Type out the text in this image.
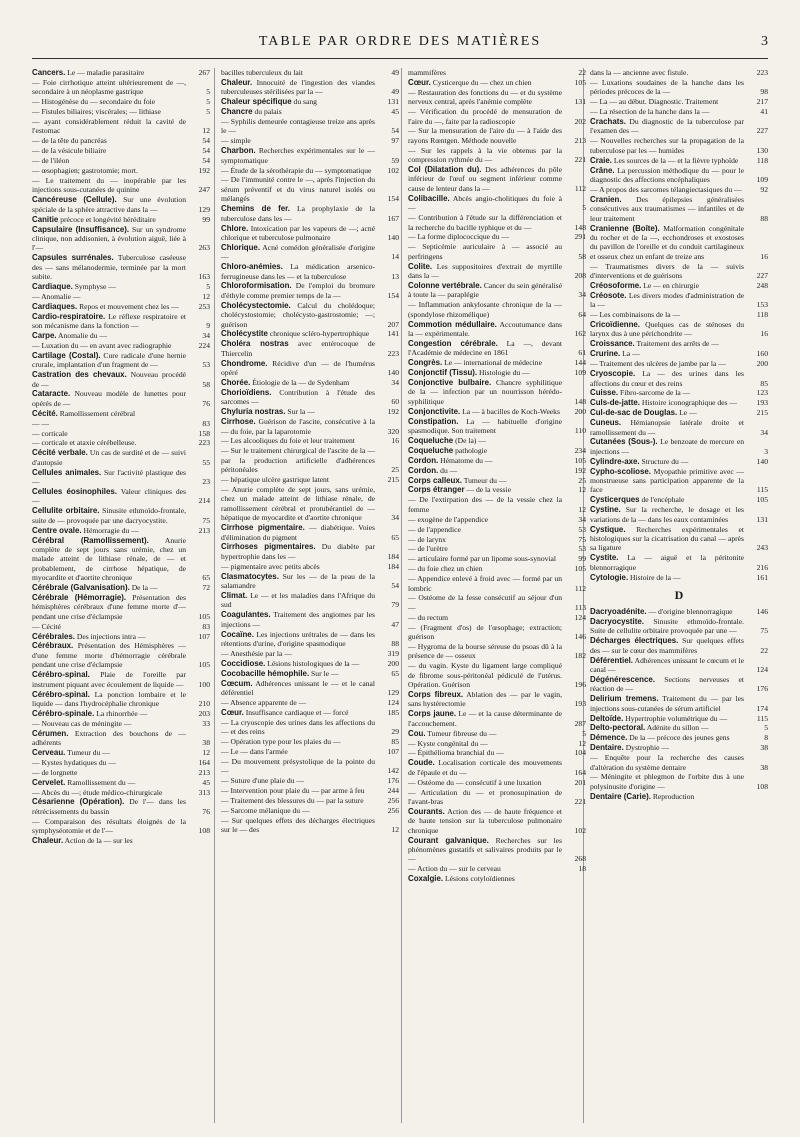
TABLE PAR ORDRE DES MATIÈRES	3
Cancers. Le — maladie parasitaire	267
— Foie cirrhotique atteint ultérieurement de —, secondaire à un néoplasme gastrique	5
— Histogénèse du — secondaire du foie	5
— Fistules biliaires; viscérales; — lithiase	5
— ayant considérablement réduit la cavité de l'estomac	12
— de la tête du pancréas	54
— de la vésicule biliaire	54
— de l'iléon	54
— œsophagien; gastrotomie; mort.	192
— Le traitement du — inopérable par les injections sous-cutanées de quinine	247
Cancéreuse (Cellule). Sur une évolution spéciale de la sphère attractive dans la —	129
Canitie précoce et longévité héréditaire	99
Capsulaire (Insuffisance). Sur un syndrome clinique, non addisonien, à évolution aiguë, liée à l'—	263
Capsules surrénales. Tuberculose caséeuse des — sans mélanodermie, terminée par la mort subite.	163
Cardiaque. Symphyse —	5
— Anomalie —	12
Cardiaques. Repos et mouvement chez les —	253
Cardio-respiratoire. Le réflexe respiratoire et son mécanisme dans la fonction —	9
Carpe. Anomalie du —	34
— Luxation du — en avant avec radiographie	224
Cartilage (Costal). Cure radicale d'une hernie crurale, implantation d'un fragment de —	53
Castration des chevaux. Nouveau procédé de —	58
Cataracte. Nouveau modèle de lunettes pour opérés de —	76
Cécité. Ramollissement cérébral
— —	83
— corticale	158
— corticale et ataxie cérébelleuse.	223
Cécité verbale. Un cas de surdité et de — suivi d'autopsie	55
Cellules animales. Sur l'activité plastique des —	23
Cellules éosinophiles. Valeur cliniques des —	214
Cellulite orbitaire. Sinusite ethmoïdo-frontale, suite de — provoquée par une dacryocystite.	75
Centre ovale. Hémorragie du —	213
Cérébral (Ramollissement). Anurie complète de sept jours sans urémie, chez un malade atteint de lithiase rénale, de — et probablement, de cirrhose hépatique, de myocardite et d'aortite chronique	65
Cérébrale (Galvanisation). De la —	72
Cérébrale (Hémorragie). Présentation des hémisphères cérébraux d'une femme morte d'— pendant une crise d'éclampsie	105
— Cécité	83
Cérébrales. Des injections intra —	107
Cérébraux. Présentation des Hémisphères — d'une femme morte d'hémorragie cérébrale pendant une crise d'éclampsie	105
Cérébro-spinal. Plaie de l'oreille par instrument piquant avec écoulement de liquide — 100
Cérébro-spinal. La ponction lombaire et le liquide — dans l'hydrocéphalie chronique	210
Cérébro-spinale. La rhinorrhée —	203
— Nouveau cas de méningite —	33
Cérumen. Extraction des bouchons de — adhérents	38
Cerveau. Tumeur du —	12
— Kystes hydatiques du —	164
— de lorgnette	213
Cervelet. Ramollissement du —	45
— Abcès du —; étude médico-chirurgicale	313
Césarienne (Opération). De l'— dans les rétrécissements du bassin	76
— Comparaison des résultats éloignés de la symphyséotomie et de l'—	108
Chaleur. Action de la — sur les
bacilles tuberculeux du lait	49
Chaleur. Innocuité de l'ingestion des viandes tuberculeuses stérilisées par la —	49
Chaleur spécifique du sang	131
Chancre du palais	45
— Syphilis demeurée contagieuse treize ans après le —	54
— simple	97
Charbon. Recherches expérimentales sur le — symptomatique	59
— Étude de la sérothérapie du — symptomatique 102
— De l'immunité contre le —, après l'injection du sérum préventif et du virus naturel isolés ou mélangés	154
Chemins de fer. La prophylaxie de la tuberculose dans les —	167
Chlore. Intoxication par les vapeurs de —; acné chlorique et tuberculose pulmonaire	140
Chlorique. Acné comédon généralisée d'origine —	14
Chloro-anémies. La médication arsenico-ferrugineuse dans les — et la tuberculose	13
Chloroformisation. De l'emploi du bromure d'éthyle comme premier temps de la —	154
Cholécystectomie. Calcul du cholédoque; cholécystostomie; cholécysto-gastrostomie; —; guérison	207
Cholécystite chronique scléro-hypertrophique 141
Choléra nostras avec entérocoque de Thiercelin	223
Chondrome. Récidive d'un — de l'humérus opéré	140
Chorée. Étiologie de la — de Sydenham	34
Chorioïdiens. Contribution à l'étude des sarcomes —	60
Chyluria nostras. Sur la —	192
Cirrhose. Guérison de l'ascite, consécutive à la — du foie, par la laparotomie	320
— Les alcooliques du foie et leur traitement	16
— Sur le traitement chirurgical de l'ascite de la — par la production artificielle d'adhérences péritonéales	25
— hépatique ulcère gastrique latent	215
— Anurie complète de sept jours, sans urémie, chez un malade atteint de lithiase rénale, de ramollissement cérébral et protubérantiel de — hépatique de myocardite et d'aortite chronique	34
Cirrhose pigmentaire. — diabétique. Voies d'élimination du pigment	65
Cirrhoses pigmentaires. Du diabète par hypertrophie dans les —	184
— pigmentaire avec petits abcès	184
Clasmatocytes. Sur les — de la peau de la salamandre	54
Climat. Le — et les maladies dans l'Afrique du sud	79
Coagulantes. Traitement des angiomes par les injections —	47
Cocaïne. Les injections urétrales de — dans les rétentions d'urine, d'origine spasmodique	88
— Anesthésie par la —	319
Coccidiose. Lésions histologiques de la —	200
Cocobacille hémophile. Sur le —	65
Cœcum. Adhérences unissant le — et le canal déférentiel	129
— Absence apparente de —	124
Cœur. Insuffisance cardiaque et — forcé	185
— La cryoscopie des urines dans les affections du — et des reins	29
— Opération type pour les plaies du —	85
— Le — dans l'armée	107
— Du mouvement présystolique de la pointe du —	142
— Suture d'une plaie du —	176
— Intervention pour plaie du — par arme à feu	244
— Traitement des blessures du — par la suture	256
— Sarcome mélanique du —	256
— Sur quelques effets des décharges électriques sur le — des	12
mammifères	22
Cœur. Cysticerque du — chez un chien	105
— Restauration des fonctions du — et du système nerveux central, après l'anémie complète	131
— Vérification du procédé de mensuration de l'aire du —, faite par la radioscopie	202
— Sur la mensuration de l'aire du — à l'aide des rayons Rœntgen. Méthode nouvelle	213
— Sur les rappels à la vie obtenus par la compression rythmée du —	221
Col (Dilatation du). Des adhérences du pôle inférieur de l'œuf ou segment inférieur comme cause de lenteur dans la —	112
Colibacille. Abcès angio-cholitiques du foie à —	5
— Contribution à l'étude sur la différenciation et la recherche du bacille typhique et du —	148
— La forme diplococcique du —	291
— Septicémie auriculaire à — associé au perfringens	58
Colite. Les suppositoires d'extrait de myrtille dans la —	208
Colonne vertébrale. Cancer du sein généralisé à toute la — paraplégie	34
— Inflammation ankylosante chronique de la — (spondylose rhizomélique)	64
Commotion médullaire. Accoutumance dans la — expérimentale.	162
Congestion cérébrale. La —, devant l'Académie de médecine en 1861	61
Congrès. Le — international de médecine	144
Conjonctif (Tissu). Histologie du —	109
Conjonctive bulbaire. Chancre syphilitique de la — infection par un nourrisson hérédo-syphilitique	148
Conjonctivite. La — à bacilles de Koch-Weeks 200
Constipation. La — habituelle d'origine spasmodique. Son traitement	110
Coqueluche (De la) —
Coqueluche pathologie	234
Cordon. Hématome du —	105
Cordon. du —	192
Corps calleux. Tumeur du —	25
Corps étranger — de la vessie	12
— De l'extirpation des — de la vessie chez la femme	12
— exogène de l'appendice	34
— de l'appendice	53
— de larynx	75
— de l'urètre	53
— articulaire formé par un lipome sous-synovial	99
— du foie chez un chien	105
— Appendice enlevé à froid avec — formé par un lombric	112
— Ostéome de la fesse consécutif au séjour d'un —	113
— du rectum	124
— (Fragment d'os) de l'œsophage; extraction; guérison	146
— Hygroma de la bourse séreuse du psoas dû à la présence de — osseux	182
— du vagin. Kyste du ligament large compliqué de fibrome sous-péritonéal pédiculé de l'utérus. Opération. Guérison	196
Corps fibreux. Ablation des — par le vagin, sans hystérectomie	193
Corps jaune. Le — et la cause déterminante de l'accouchement.	287
Cou. Tumeur fibreuse du —	5
— Kyste congénital du —	12
— Épithélioma branchial du —	104
Coude. Localisation corticale des mouvements de l'épaule et du —	164
— Ostéome du — consécutif à une luxation	201
— Articulation du — et pronosupination de l'avant-bras	221
Courants. Action des — de haute fréquence et de haute tension sur la tuberculose pulmonaire chronique	102
Courant galvanique. Recherches sur les phénomènes gustatifs et salivaires produits par le —	268
— Action du — sur le cerveau	18
Coxalgie. Lésions cotyloïdiennes
dans la — ancienne avec fistule.	223
— Luxations soudaines de la hanche dans les périodes précoces de la —	98
— La — au début. Diagnostic. Traitement	217
— La résection de la hanche dans la —	41
Crachats. Du diagnostic de la tuberculose par l'examen des —	227
— Nouvelles recherches sur la propagation de la tuberculose par les — humides	130
Craie. Les sources de la — et la fièvre typhoïde 118
Crâne. La percussion méthodique du — pour le diagnostic des affections encéphaliques	109
— A propos des sarcomes télangiectasiques du — 92
Cranien. Des épilepsies généralisées consécutives aux traumatismes — infantiles et de leur traitement	88
Cranienne (Boîte). Malformation congénitale du rocher et de la —, ecchondroses et exostoses du pavillon de l'oreille et du conduit cartilagineux et osseux chez un enfant de treize ans	16
— Traumatismes divers de la — suivis d'interventions et de guérisons	227
Créosoforme. Le — en chirurgie	248
Créosote. Les divers modes d'administration de la —	153
— Les combinaisons de la —	118
Cricoïdienne. Quelques cas de sténoses du larynx dus à une périchondrite —	16
Croissance. Traitement des arrêts de —
Crurine. La —	160
— Traitement des ulcères de jambe par la —	200
Cryoscopie. La — des urines dans les affections du cœur et des reins	85
Cuisse. Fibro-sarcome de la —	123
Culs-de-jatte. Histoire iconographique des —	193
Cul-de-sac de Douglas. Le —	215
Cuneus. Hémianopsie latérale droite et ramollissement du —	34
Cutanées (Sous-). Le benzoate de mercure en injections —	3
Cylindre-axe. Structure du —	140
Cypho-scoliose. Myopathie primitive avec — monstrueuse sans participation apparente de la face	115
Cysticerques de l'encéphale	105
Cystine. Sur la recherche, le dosage et les variations de la — dans les eaux contaminées	131
Cystique. Recherches expérimentales et histologiques sur la cicatrisation du canal — après sa ligature	243
Cystite. La — aiguë et la péritonite blennorragique	216
Cytologie. Histoire de la —	161
D
Dacryoadénite. — d'origine blennorragique	146
Dacryocystite. Sinusite ethmoïdo-frontale. Suite de cellulite orbitaire provoquée par une —	75
Décharges électriques. Sur quelques effets des — sur le cœur des mammifères	22
Déférentiel. Adhérences unissant le cœcum et le canal —	124
Dégénérescence. Sections nerveuses et réaction de —	176
Delirium tremens. Traitement du — par les injections sous-cutanées de sérum artificiel	174
Deltoïde. Hypertrophie volumétrique du —	115
Delto-pectoral. Adénite du sillon —	5
Démence. De la — précoce des jeunes gens	8
Dentaire. Dystrophie —	38
— Enquête pour la recherche des causes d'altération du système dentaire	38
— Méningite et phlegmon de l'orbite dus à une polysinusite d'origine —	108
Dentaire (Carie). Reproduction
